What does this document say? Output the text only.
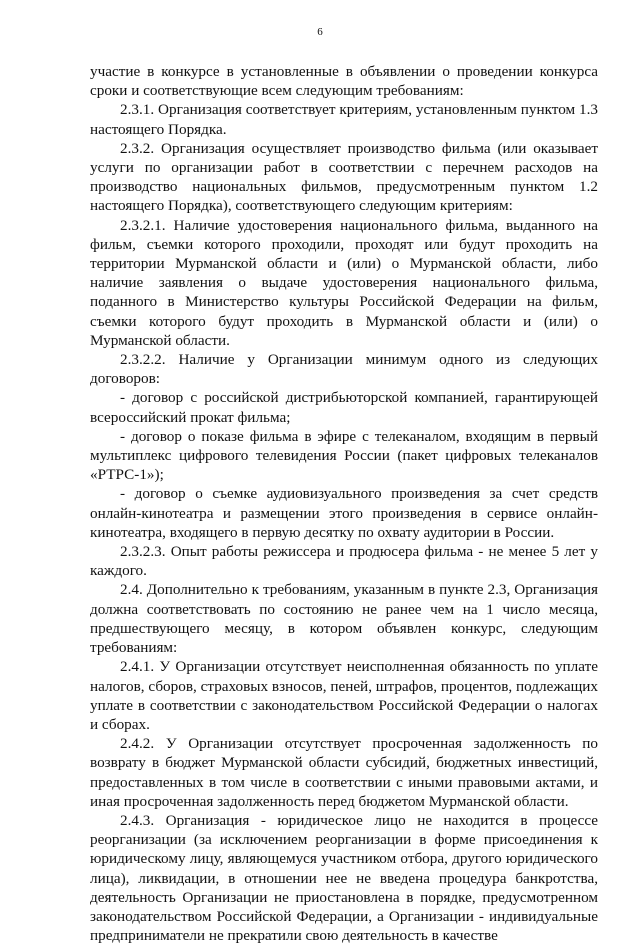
6

участие в конкурсе в установленные в объявлении о проведении конкурса сроки и соответствующие всем следующим требованиям:

2.3.1. Организация соответствует критериям, установленным пунктом 1.3 настоящего Порядка.

2.3.2. Организация осуществляет производство фильма (или оказывает услуги по организации работ в соответствии с перечнем расходов на производство национальных фильмов, предусмотренным пунктом 1.2 настоящего Порядка), соответствующего следующим критериям:

2.3.2.1. Наличие удостоверения национального фильма, выданного на фильм, съемки которого проходили, проходят или будут проходить на территории Мурманской области и (или) о Мурманской области, либо наличие заявления о выдаче удостоверения национального фильма, поданного в Министерство культуры Российской Федерации на фильм, съемки которого будут проходить в Мурманской области и (или) о Мурманской области.

2.3.2.2. Наличие у Организации минимум одного из следующих договоров:

- договор с российской дистрибьюторской компанией, гарантирующей всероссийский прокат фильма;

- договор о показе фильма в эфире с телеканалом, входящим в первый мультиплекс цифрового телевидения России (пакет цифровых телеканалов «РТРС-1»);

- договор о съемке аудиовизуального произведения за счет средств онлайн-кинотеатра и размещении этого произведения в сервисе онлайн-кинотеатра, входящего в первую десятку по охвату аудитории в России.

2.3.2.3. Опыт работы режиссера и продюсера фильма - не менее 5 лет у каждого.

2.4. Дополнительно к требованиям, указанным в пункте 2.3, Организация должна соответствовать по состоянию не ранее чем на 1 число месяца, предшествующего месяцу, в котором объявлен конкурс, следующим требованиям:

2.4.1. У Организации отсутствует неисполненная обязанность по уплате налогов, сборов, страховых взносов, пеней, штрафов, процентов, подлежащих уплате в соответствии с законодательством Российской Федерации о налогах и сборах.

2.4.2. У Организации отсутствует просроченная задолженность по возврату в бюджет Мурманской области субсидий, бюджетных инвестиций, предоставленных в том числе в соответствии с иными правовыми актами, и иная просроченная задолженность перед бюджетом Мурманской области.

2.4.3. Организация - юридическое лицо не находится в процессе реорганизации (за исключением реорганизации в форме присоединения к юридическому лицу, являющемуся участником отбора, другого юридического лица), ликвидации, в отношении нее не введена процедура банкротства, деятельность Организации не приостановлена в порядке, предусмотренном законодательством Российской Федерации, а Организации - индивидуальные предприниматели не прекратили свою деятельность в качестве
